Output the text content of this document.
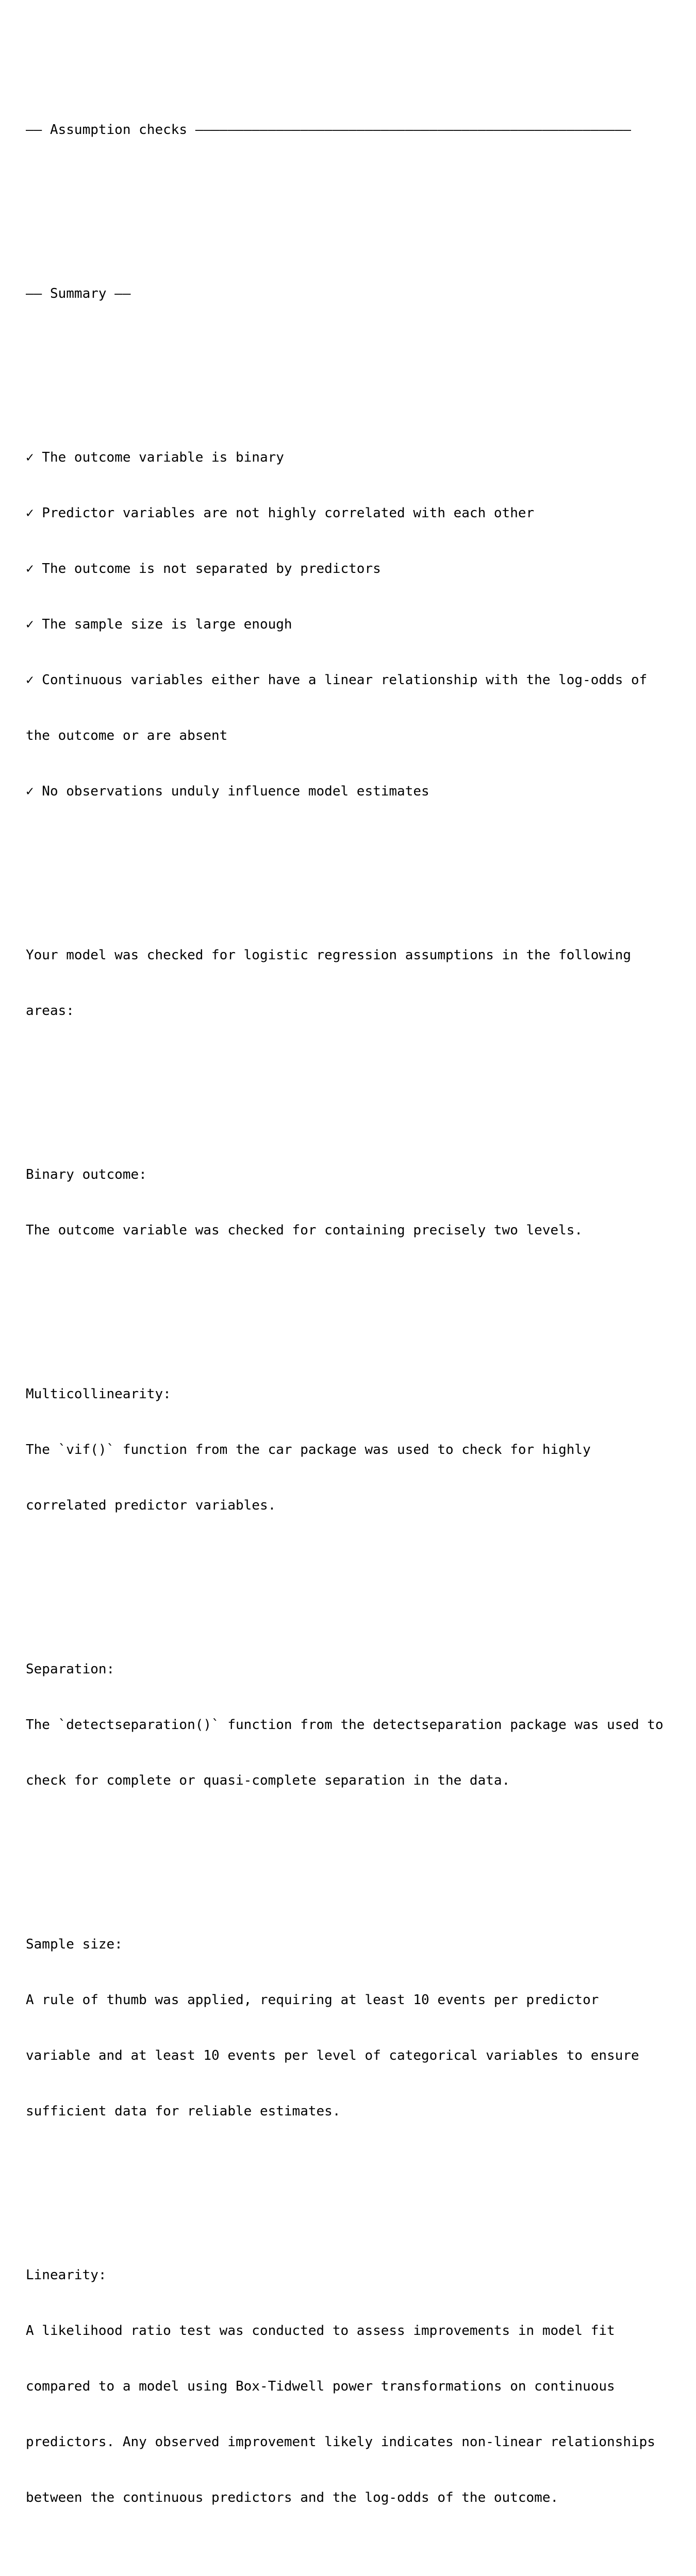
—— Assumption checks ——————————————————————————————————————————————————————

—— Summary ——

✓ The outcome variable is binary

✓ Predictor variables are not highly correlated with each other

✓ The outcome is not separated by predictors

✓ The sample size is large enough

✓ Continuous variables either have a linear relationship with the log-odds of

the outcome or are absent

✓ No observations unduly influence model estimates

Your model was checked for logistic regression assumptions in the following

areas:

Binary outcome:

The outcome variable was checked for containing precisely two levels.

Multicollinearity:

The `vif()` function from the car package was used to check for highly

correlated predictor variables.

Separation:

The `detectseparation()` function from the detectseparation package was used to

check for complete or quasi-complete separation in the data.

Sample size:

A rule of thumb was applied, requiring at least 10 events per predictor

variable and at least 10 events per level of categorical variables to ensure

sufficient data for reliable estimates.

Linearity:

A likelihood ratio test was conducted to assess improvements in model fit

compared to a model using Box-Tidwell power transformations on continuous

predictors. Any observed improvement likely indicates non-linear relationships

between the continuous predictors and the log-odds of the outcome.
